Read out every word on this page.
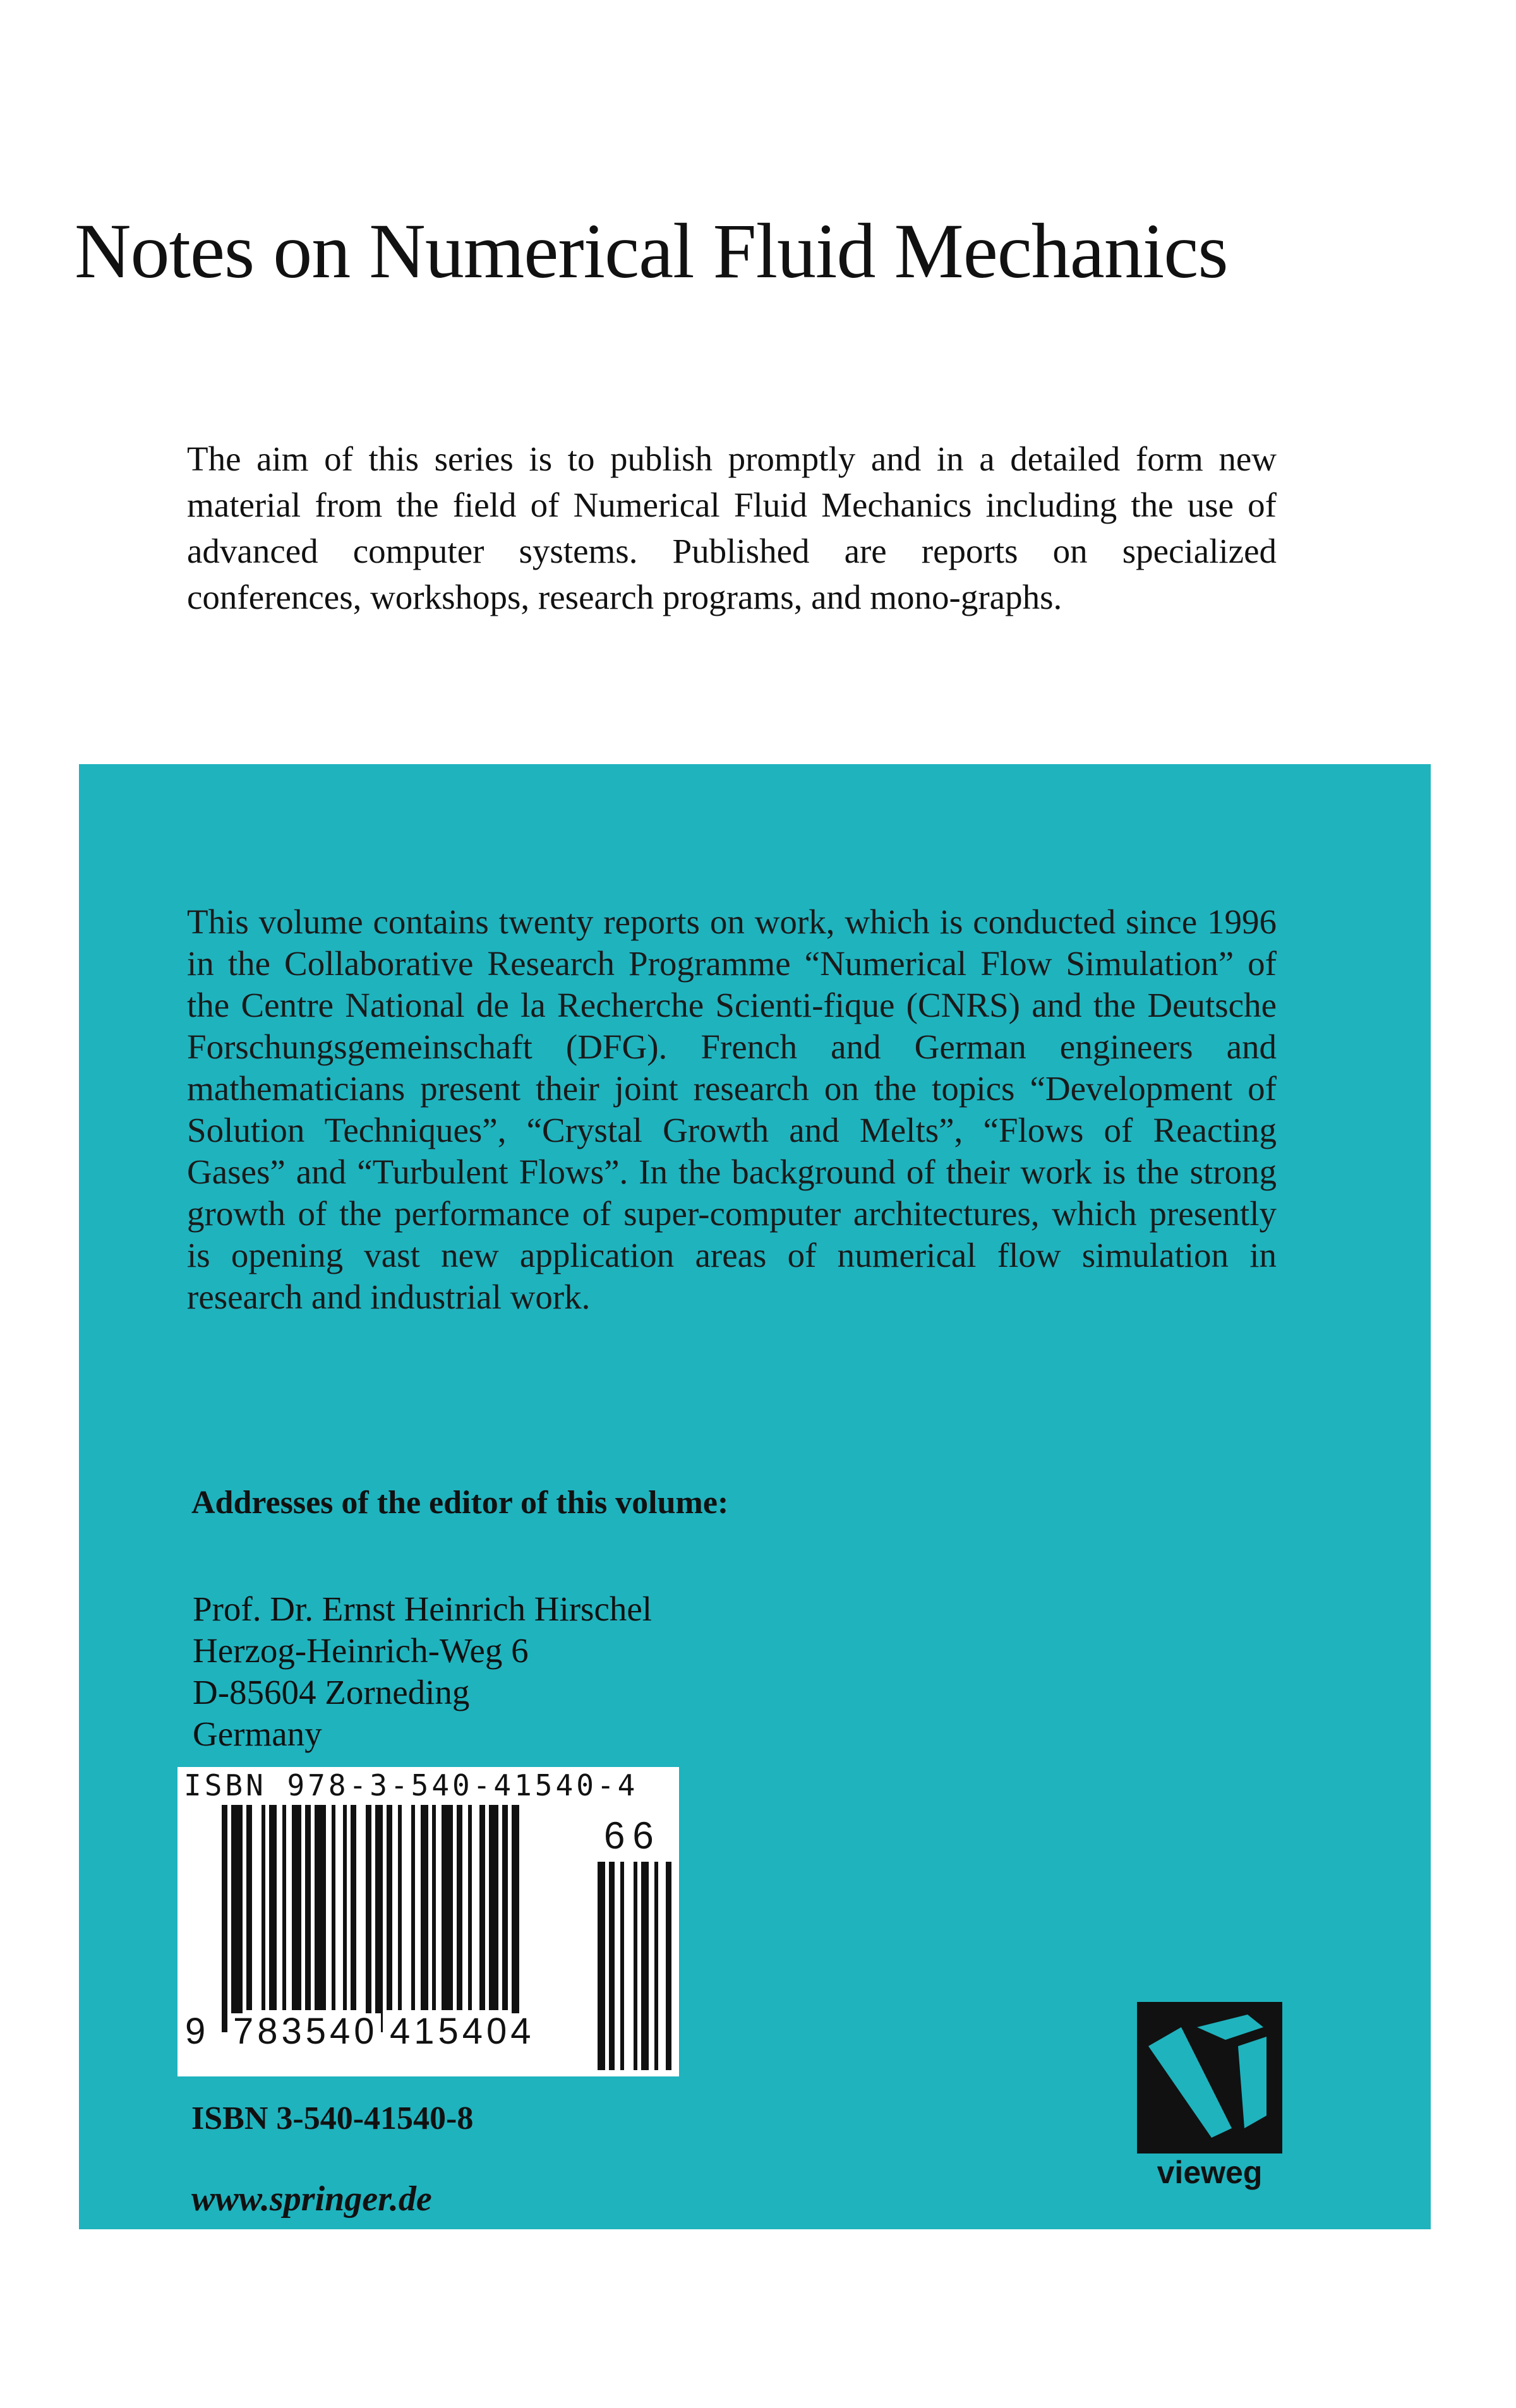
Notes on Numerical Fluid Mechanics

The aim of this series is to publish promptly and in a detailed form new material from the field of Numerical Fluid Mechanics including the use of advanced computer systems. Published are reports on specialized conferences, workshops, research programs, and mono-graphs.

This volume contains twenty reports on work, which is conducted since 1996 in the Collaborative Research Programme “Numerical Flow Simulation” of the Centre National de la Recherche Scienti-fique (CNRS) and the Deutsche Forschungsgemeinschaft (DFG). French and German engineers and mathematicians present their joint research on the topics “Development of Solution Techniques”, “Crystal Growth and Melts”, “Flows of Reacting Gases” and “Turbulent Flows”. In the background of their work is the strong growth of the performance of super-computer architectures, which presently is opening vast new application areas of numerical flow simulation in research and industrial work.

Addresses of the editor of this volume:

Prof. Dr. Ernst Heinrich Hirschel
Herzog-Heinrich-Weg 6
D-85604 Zorneding
Germany
ISBN 978-3-540-41540-4
66
9 783540 415404

ISBN 3-540-41540-8

www.springer.de

vieweg
